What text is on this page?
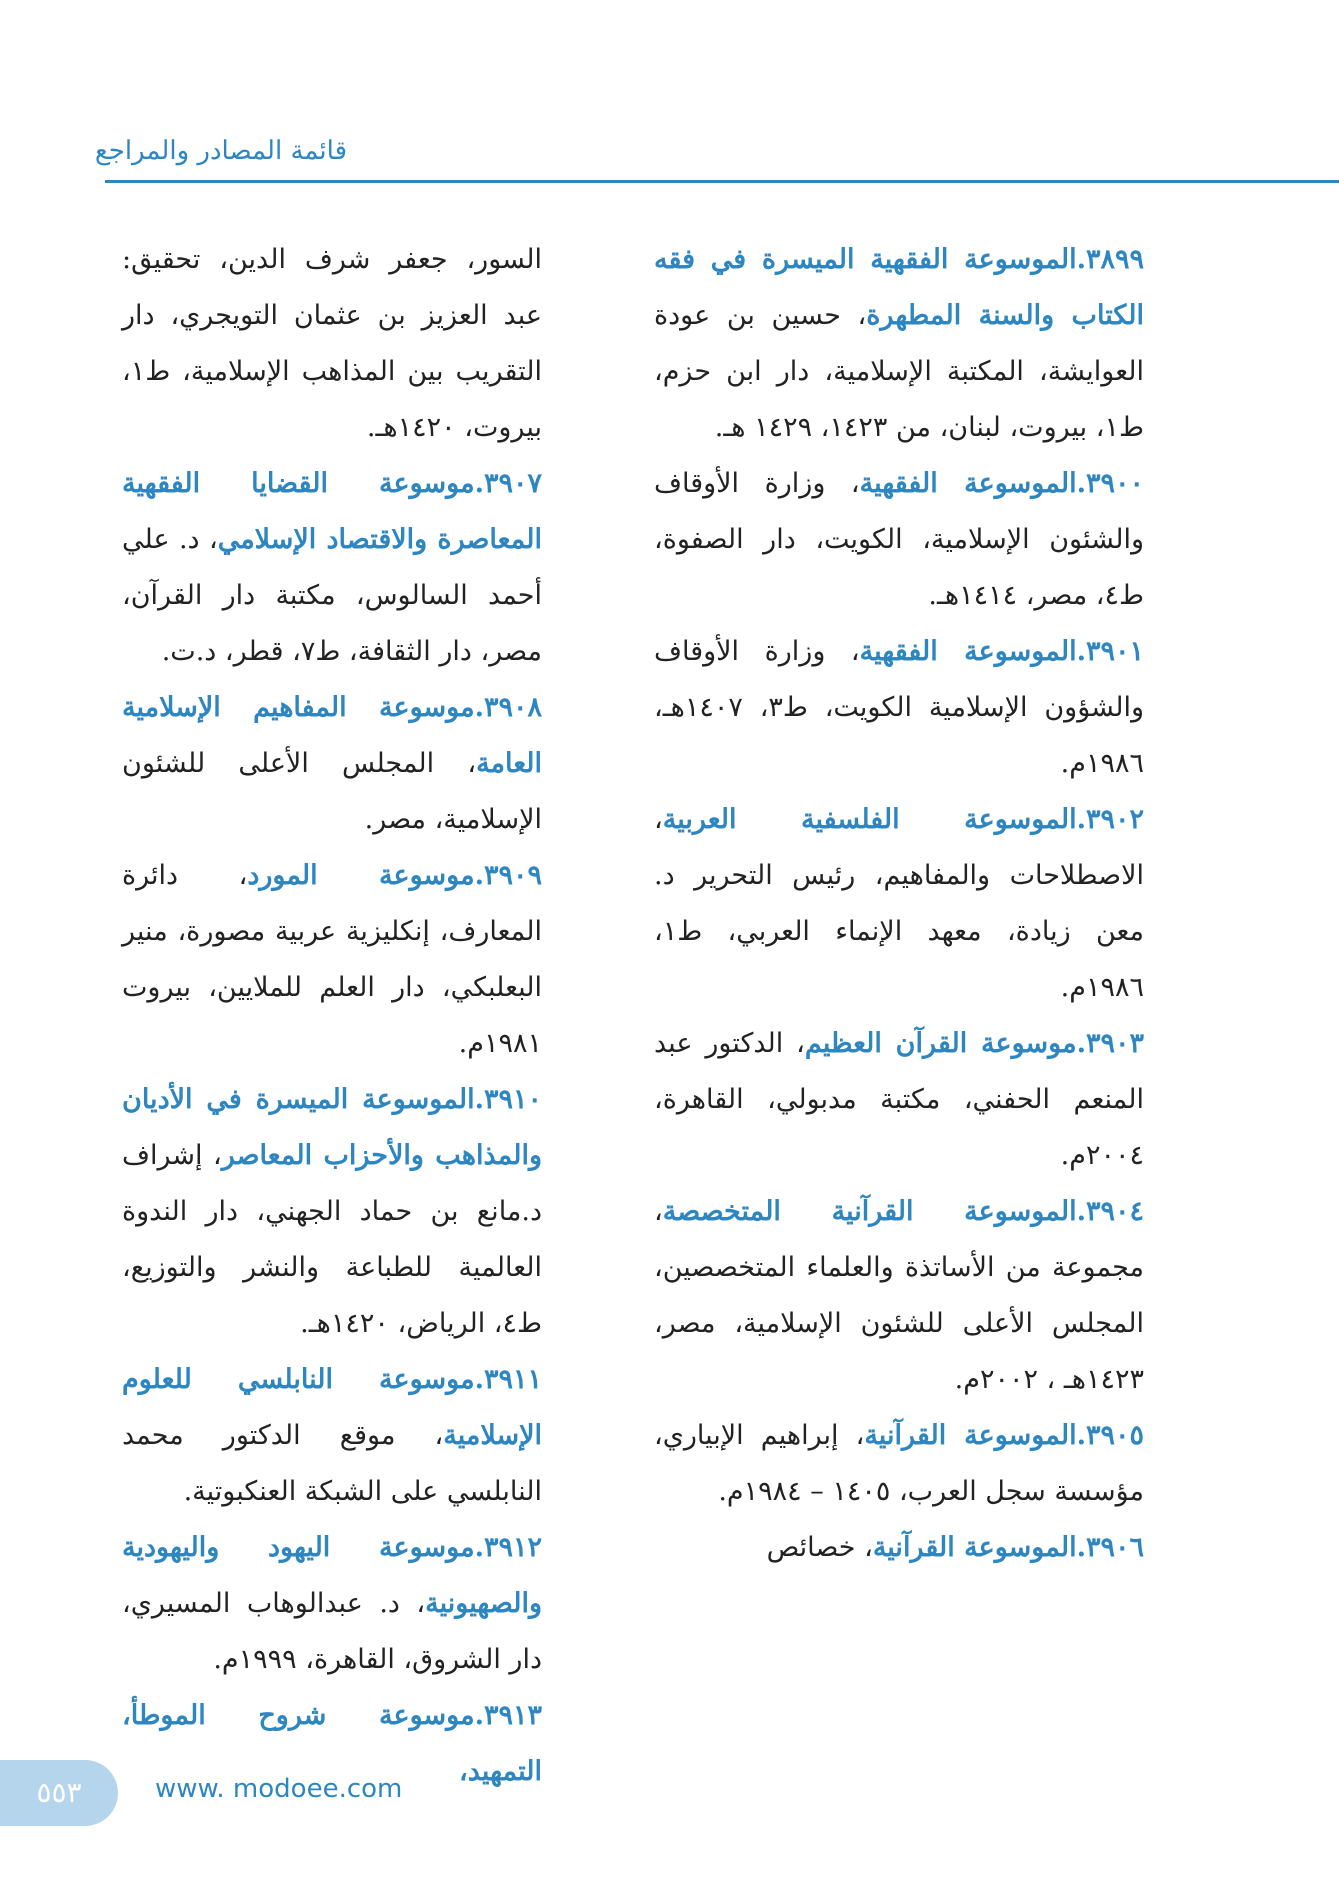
قائمة المصادر والمراجع

٣٨٩٩.الموسوعة الفقهية الميسرة في فقه الكتاب والسنة المطهرة، حسين بن عودة العوايشة، المكتبة الإسلامية، دار ابن حزم، ط١، بيروت، لبنان، من ١٤٢٣، ١٤٢٩ هـ.

٣٩٠٠.الموسوعة الفقهية، وزارة الأوقاف والشئون الإسلامية، الكويت، دار الصفوة، ط٤، مصر، ١٤١٤هـ.

٣٩٠١.الموسوعة الفقهية، وزارة الأوقاف والشؤون الإسلامية الكويت، ط٣، ١٤٠٧هـ، ١٩٨٦م.

٣٩٠٢.الموسوعة الفلسفية العربية، الاصطلاحات والمفاهيم، رئيس التحرير د. معن زيادة، معهد الإنماء العربي، ط١، ١٩٨٦م.

٣٩٠٣.موسوعة القرآن العظيم، الدكتور عبد المنعم الحفني، مكتبة مدبولي، القاهرة، ٢٠٠٤م.

٣٩٠٤.الموسوعة القرآنية المتخصصة، مجموعة من الأساتذة والعلماء المتخصصين، المجلس الأعلى للشئون الإسلامية، مصر، ١٤٢٣هـ ، ٢٠٠٢م.

٣٩٠٥.الموسوعة القرآنية، إبراهيم الإبياري، مؤسسة سجل العرب، ١٤٠٥ – ١٩٨٤م.

٣٩٠٦.الموسوعة القرآنية، خصائص

السور، جعفر شرف الدين، تحقيق: عبد العزيز بن عثمان التويجري، دار التقريب بين المذاهب الإسلامية، ط١، بيروت، ١٤٢٠هـ.

٣٩٠٧.موسوعة القضايا الفقهية المعاصرة والاقتصاد الإسلامي، د. علي أحمد السالوس، مكتبة دار القرآن، مصر، دار الثقافة، ط٧، قطر، د.ت.

٣٩٠٨.موسوعة المفاهيم الإسلامية العامة، المجلس الأعلى للشئون الإسلامية، مصر.

٣٩٠٩.موسوعة المورد، دائرة المعارف، إنكليزية عربية مصورة، منير البعلبكي، دار العلم للملايين، بيروت ١٩٨١م.

٣٩١٠.الموسوعة الميسرة في الأديان والمذاهب والأحزاب المعاصر، إشراف د.مانع بن حماد الجهني، دار الندوة العالمية للطباعة والنشر والتوزيع، ط٤، الرياض، ١٤٢٠هـ.

٣٩١١.موسوعة النابلسي للعلوم الإسلامية، موقع الدكتور محمد النابلسي على الشبكة العنكبوتية.

٣٩١٢.موسوعة اليهود واليهودية والصهيونية، د. عبدالوهاب المسيري، دار الشروق، القاهرة، ١٩٩٩م.

٣٩١٣.موسوعة شروح الموطأ، التمهيد،

٥٥٣	www. modoee.com
